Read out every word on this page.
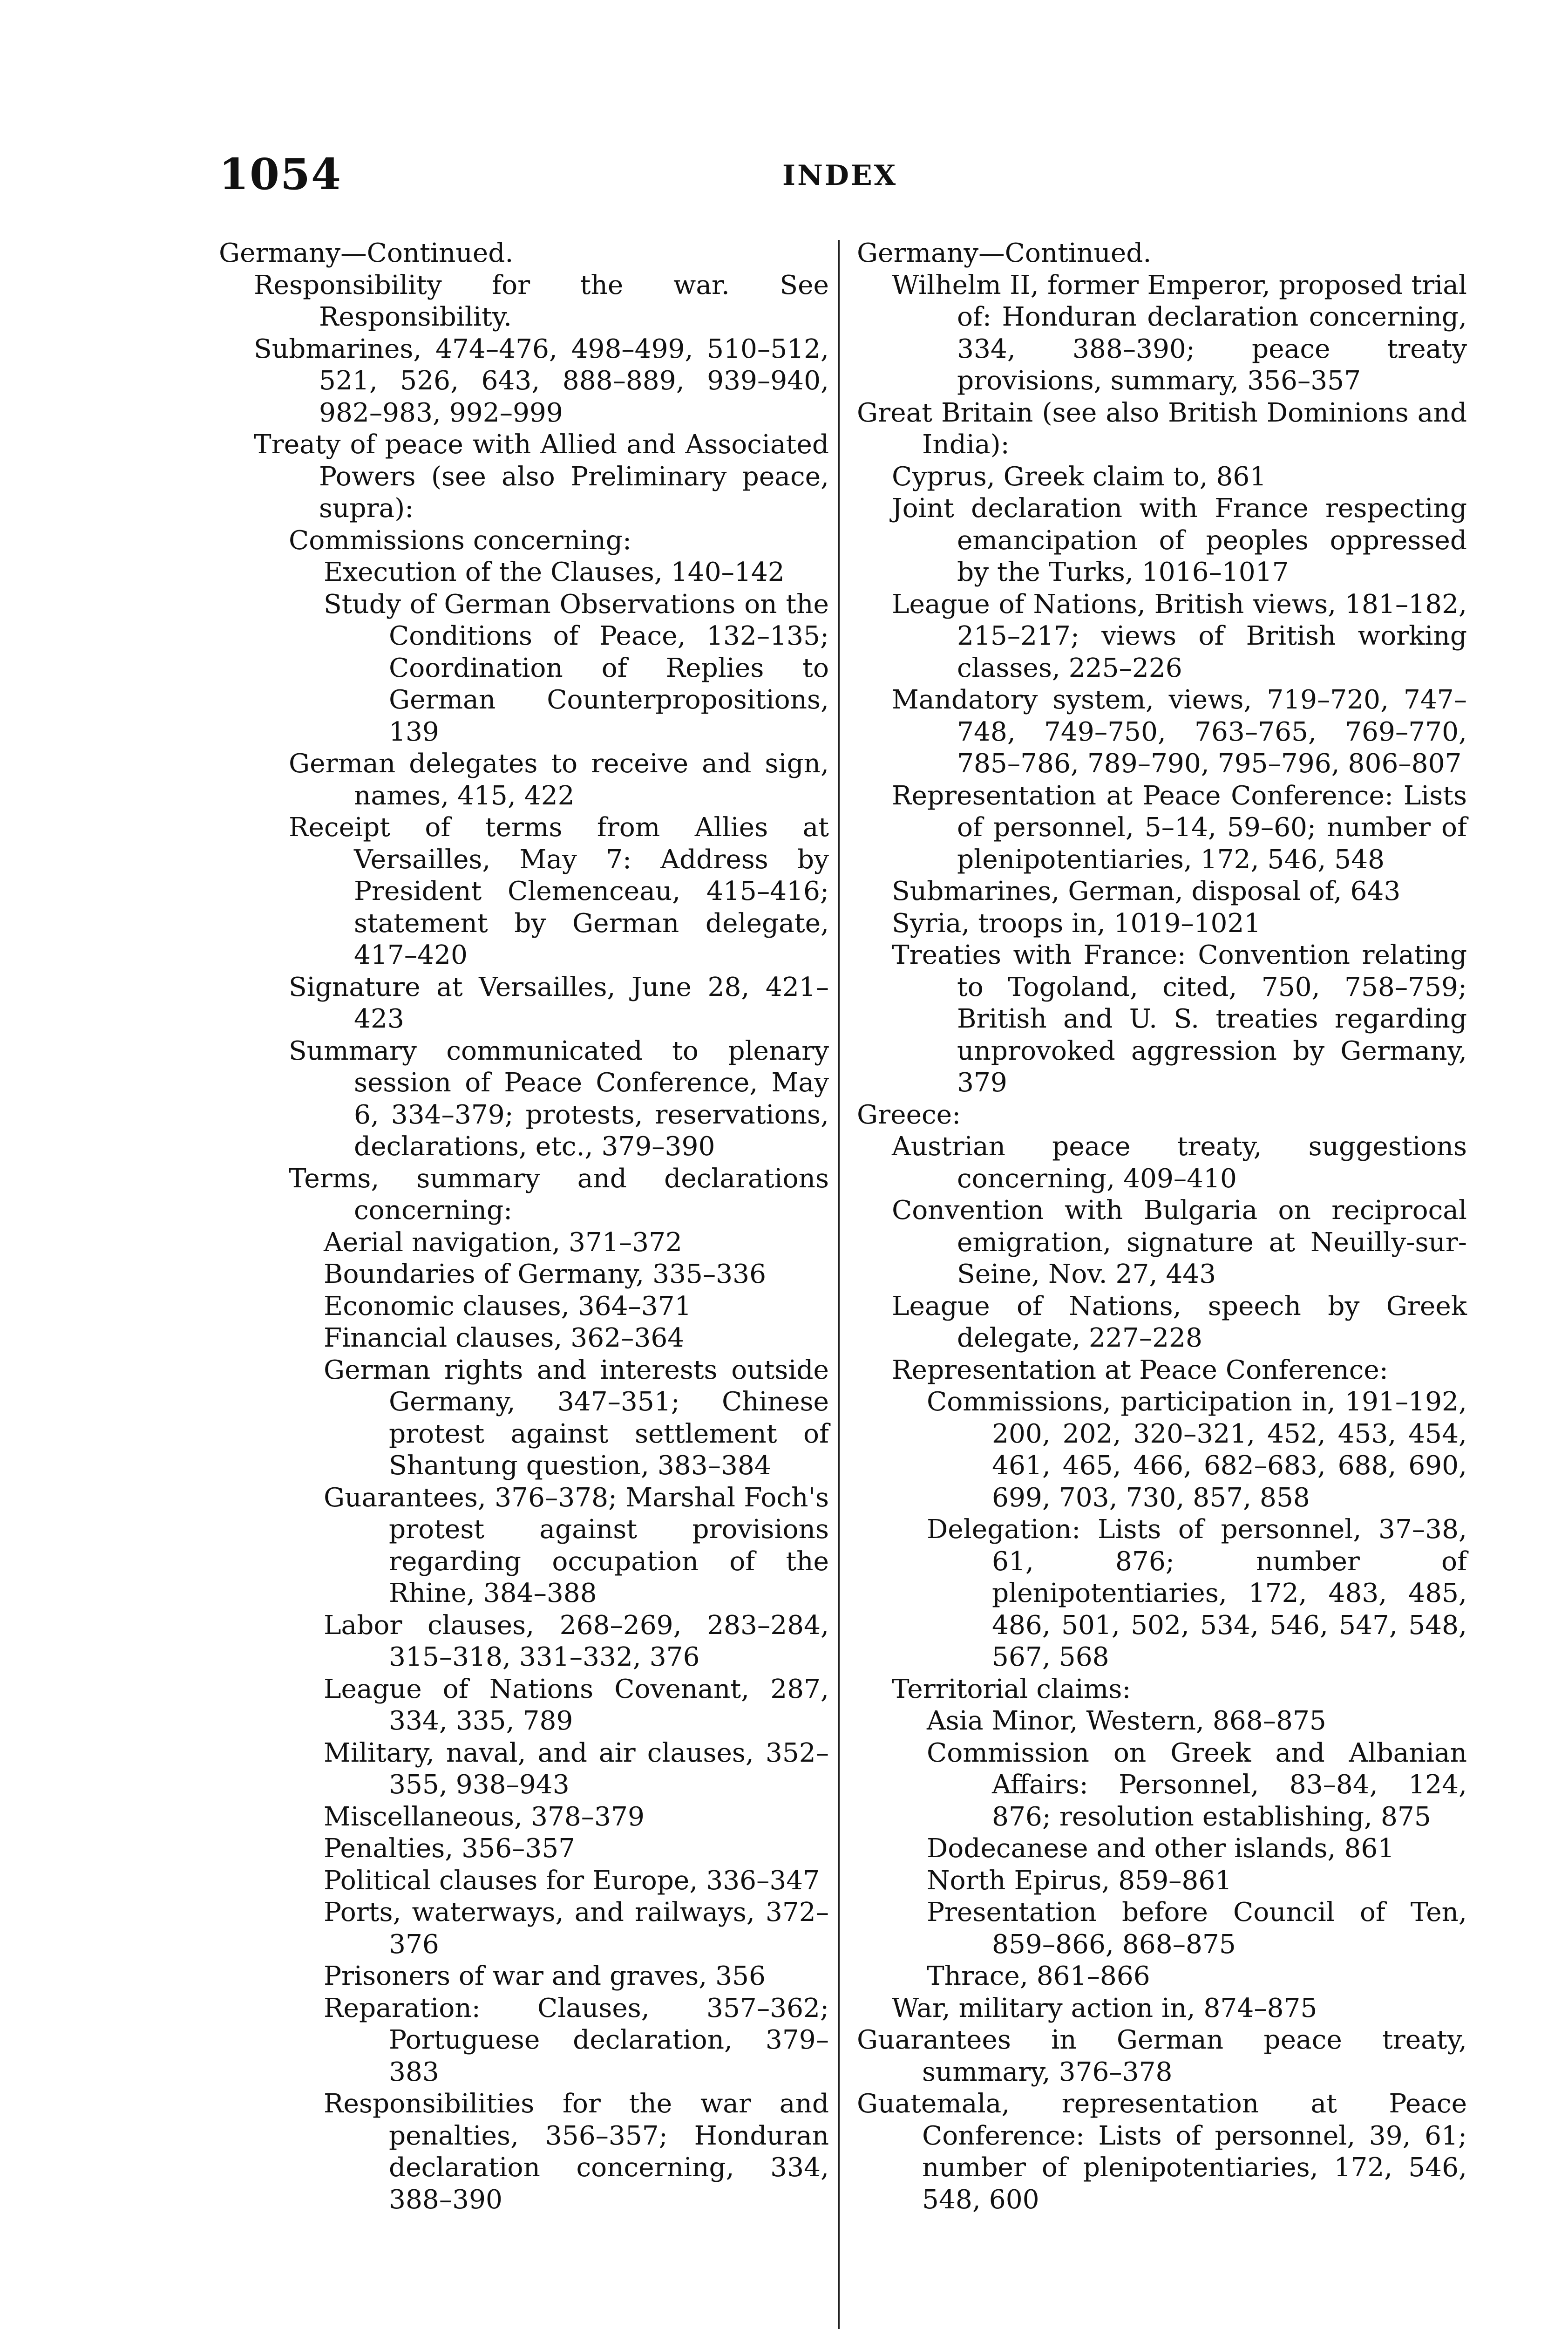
1054	INDEX

Germany—Continued.

Responsibility for the war. See Responsibility.

Submarines, 474–476, 498–499, 510–512, 521, 526, 643, 888–889, 939–940, 982–983, 992–999

Treaty of peace with Allied and Associated Powers (see also Preliminary peace, supra):

Commissions concerning:

Execution of the Clauses, 140–142

Study of German Observations on the Conditions of Peace, 132–135; Coordination of Replies to German Counterpropositions, 139

German delegates to receive and sign, names, 415, 422

Receipt of terms from Allies at Versailles, May 7: Address by President Clemenceau, 415–416; statement by German delegate, 417–420

Signature at Versailles, June 28, 421–423

Summary communicated to plenary session of Peace Conference, May 6, 334–379; protests, reservations, declarations, etc., 379–390

Terms, summary and declarations concerning:

Aerial navigation, 371–372

Boundaries of Germany, 335–336

Economic clauses, 364–371

Financial clauses, 362–364

German rights and interests outside Germany, 347–351; Chinese protest against settlement of Shantung question, 383–384

Guarantees, 376–378; Marshal Foch's protest against provisions regarding occupation of the Rhine, 384–388

Labor clauses, 268–269, 283–284, 315–318, 331–332, 376

League of Nations Covenant, 287, 334, 335, 789

Military, naval, and air clauses, 352–355, 938–943

Miscellaneous, 378–379

Penalties, 356–357

Political clauses for Europe, 336–347

Ports, waterways, and railways, 372–376

Prisoners of war and graves, 356

Reparation: Clauses, 357–362; Portuguese declaration, 379–383

Responsibilities for the war and penalties, 356–357; Honduran declaration concerning, 334, 388–390

Germany—Continued.

Wilhelm II, former Emperor, proposed trial of: Honduran declaration concerning, 334, 388–390; peace treaty provisions, summary, 356–357

Great Britain (see also British Dominions and India):

Cyprus, Greek claim to, 861

Joint declaration with France respecting emancipation of peoples oppressed by the Turks, 1016–1017

League of Nations, British views, 181–182, 215–217; views of British working classes, 225–226

Mandatory system, views, 719–720, 747–748, 749–750, 763–765, 769–770, 785–786, 789–790, 795–796, 806–807

Representation at Peace Conference: Lists of personnel, 5–14, 59–60; number of plenipotentiaries, 172, 546, 548

Submarines, German, disposal of, 643

Syria, troops in, 1019–1021

Treaties with France: Convention relating to Togoland, cited, 750, 758–759; British and U. S. treaties regarding unprovoked aggression by Germany, 379

Greece:

Austrian peace treaty, suggestions concerning, 409–410

Convention with Bulgaria on reciprocal emigration, signature at Neuilly-sur-Seine, Nov. 27, 443

League of Nations, speech by Greek delegate, 227–228

Representation at Peace Conference:

Commissions, participation in, 191–192, 200, 202, 320–321, 452, 453, 454, 461, 465, 466, 682–683, 688, 690, 699, 703, 730, 857, 858

Delegation: Lists of personnel, 37–38, 61, 876; number of plenipotentiaries, 172, 483, 485, 486, 501, 502, 534, 546, 547, 548, 567, 568

Territorial claims:

Asia Minor, Western, 868–875

Commission on Greek and Albanian Affairs: Personnel, 83–84, 124, 876; resolution establishing, 875

Dodecanese and other islands, 861

North Epirus, 859–861

Presentation before Council of Ten, 859–866, 868–875

Thrace, 861–866

War, military action in, 874–875

Guarantees in German peace treaty, summary, 376–378

Guatemala, representation at Peace Conference: Lists of personnel, 39, 61; number of plenipotentiaries, 172, 546, 548, 600
